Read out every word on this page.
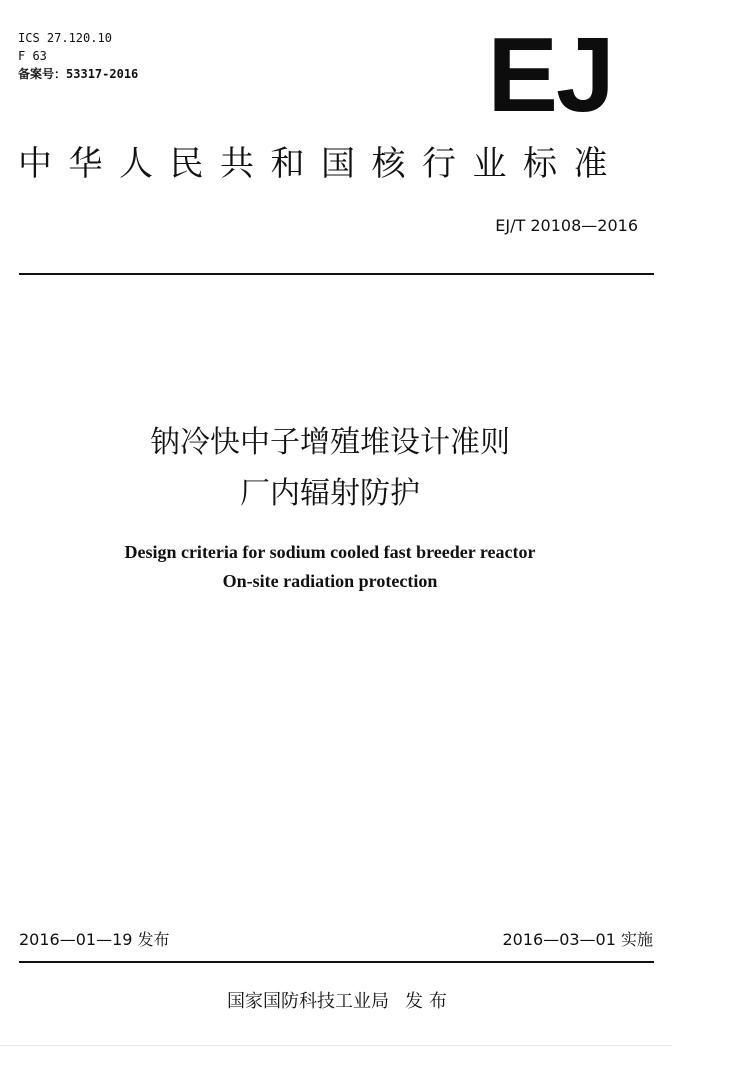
ICS 27.120.10
F 63
备案号：53317-2016	EJ
中华人民共和国核行业标准
EJ/T 20108—2016
钠冷快中子增殖堆设计准则
厂内辐射防护
Design criteria for sodium cooled fast breeder reactor
On-site radiation protection
2016—01—19 发布	2016—03—01 实施
国家国防科技工业局 发布
